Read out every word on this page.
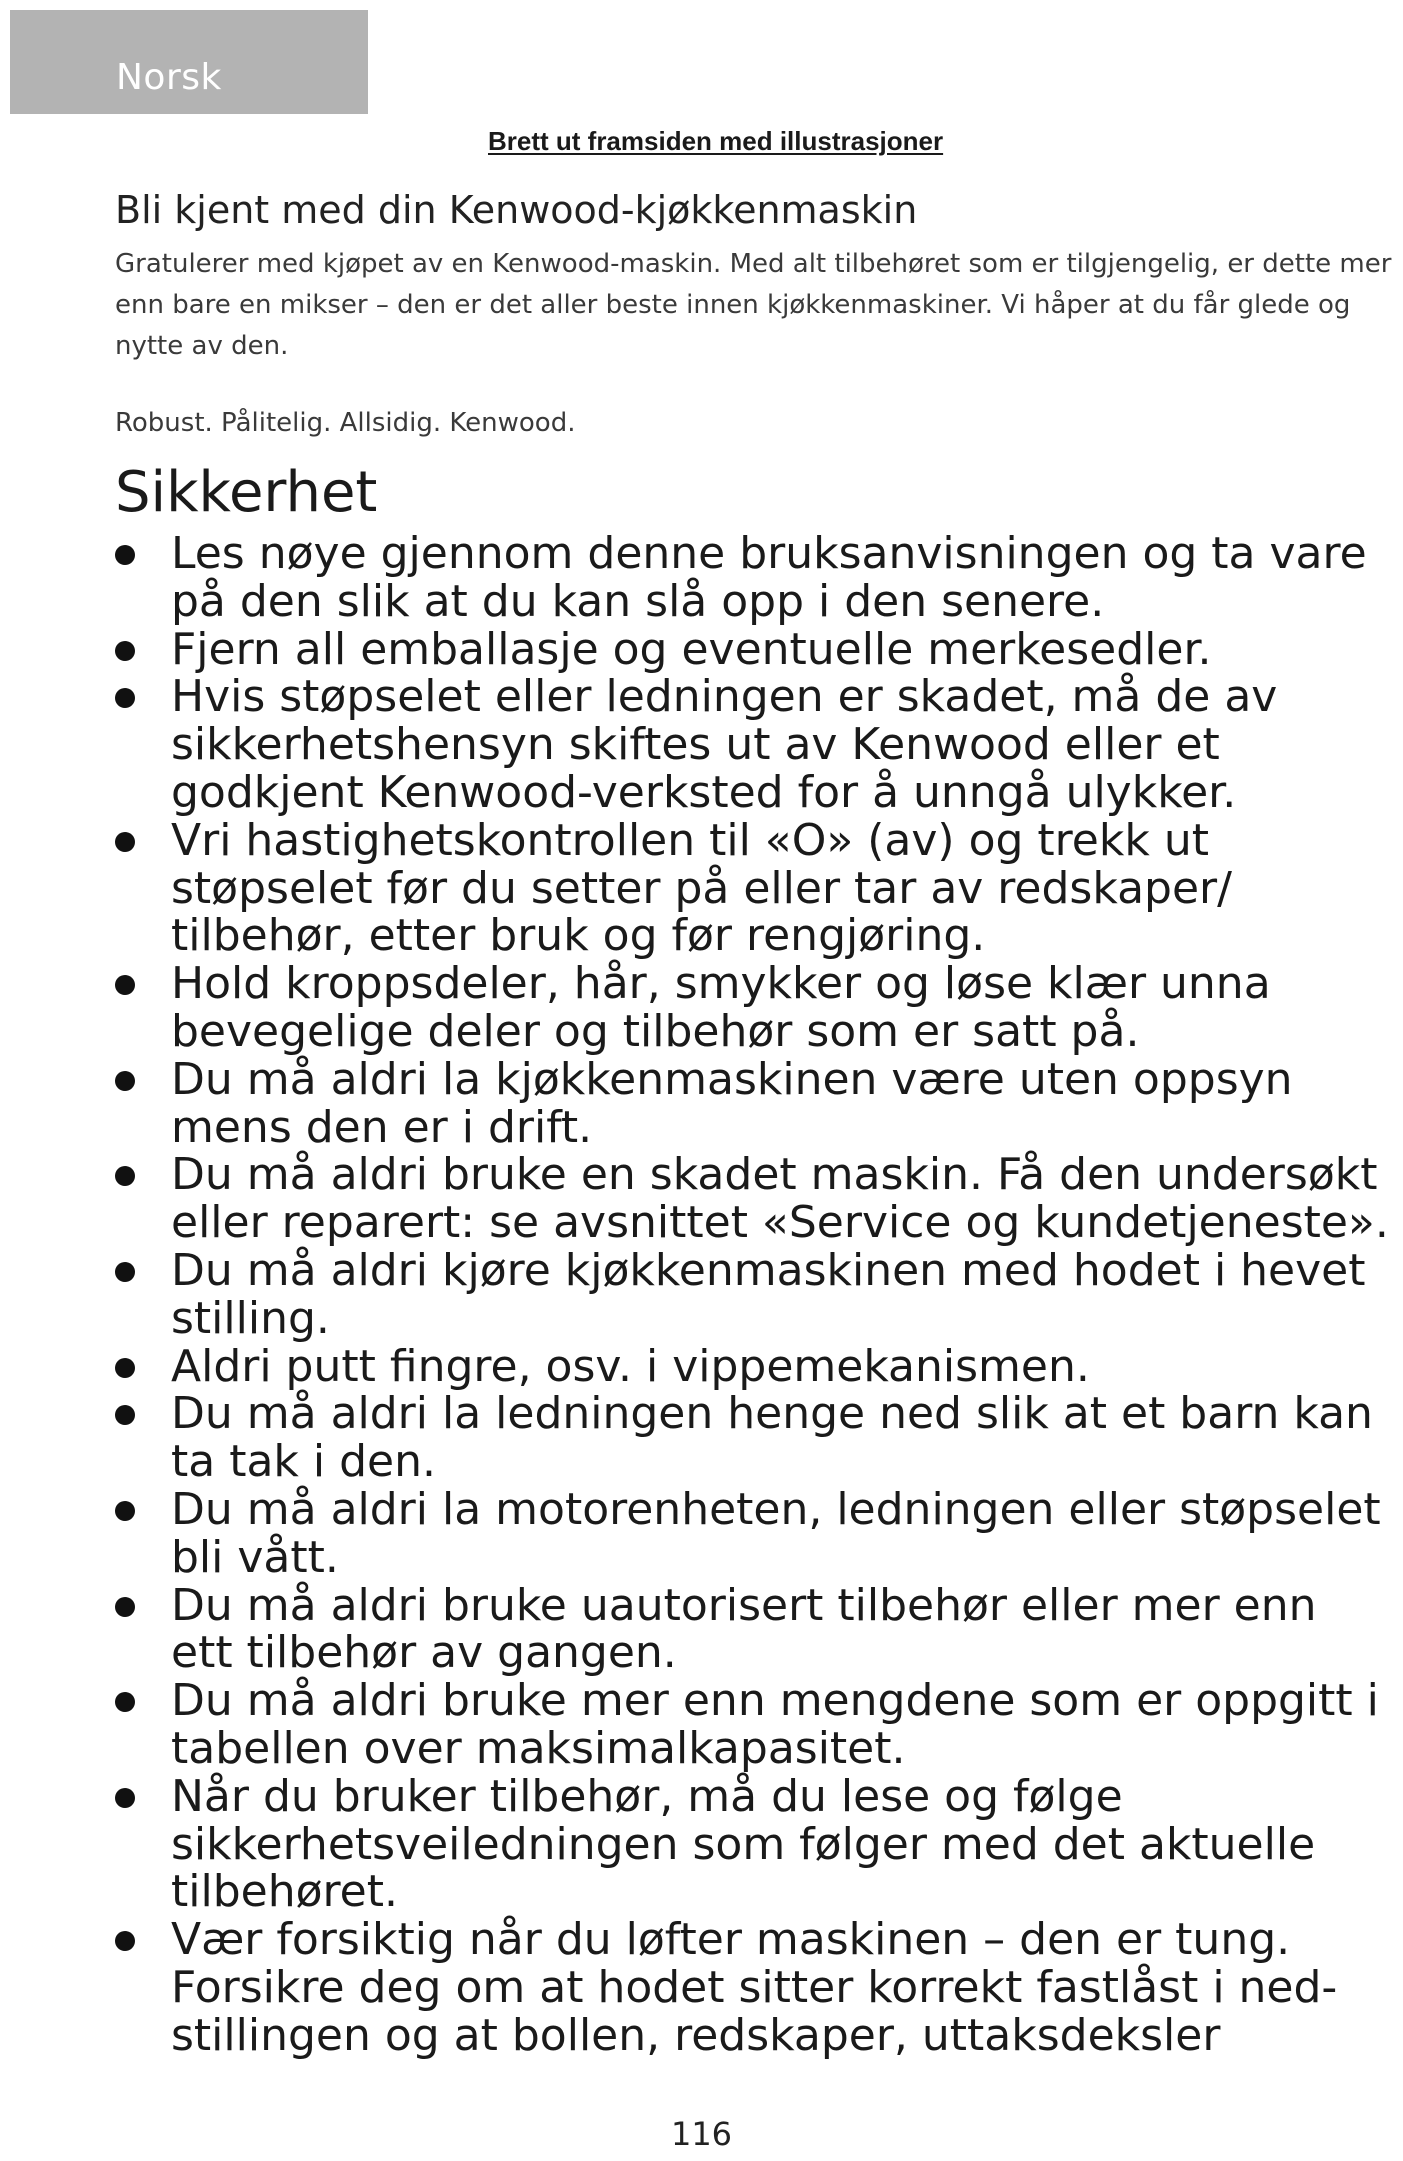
Norsk
Brett ut framsiden med illustrasjoner
Bli kjent med din Kenwood-kjøkkenmaskin

Gratulerer med kjøpet av en Kenwood-maskin. Med alt tilbehøret som er tilgjengelig, er dette mer enn bare en mikser – den er det aller beste innen kjøkkenmaskiner. Vi håper at du får glede og nytte av den.

Robust. Pålitelig. Allsidig. Kenwood.

Sikkerhet
Les nøye gjennom denne bruksanvisningen og ta vare på den slik at du kan slå opp i den senere.
Fjern all emballasje og eventuelle merkesedler.
Hvis støpselet eller ledningen er skadet, må de av sikkerhetshensyn skiftes ut av Kenwood eller et godkjent Kenwood-verksted for å unngå ulykker.
Vri hastighetskontrollen til «O» (av) og trekk ut støpselet før du setter på eller tar av redskaper/ tilbehør, etter bruk og før rengjøring.
Hold kroppsdeler, hår, smykker og løse klær unna bevegelige deler og tilbehør som er satt på.
Du må aldri la kjøkkenmaskinen være uten oppsyn mens den er i drift.
Du må aldri bruke en skadet maskin. Få den undersøkt eller reparert: se avsnittet «Service og kundetjeneste».
Du må aldri kjøre kjøkkenmaskinen med hodet i hevet stilling.
Aldri putt fingre, osv. i vippemekanismen.
Du må aldri la ledningen henge ned slik at et barn kan ta tak i den.
Du må aldri la motorenheten, ledningen eller støpselet bli vått.
Du må aldri bruke uautorisert tilbehør eller mer enn ett tilbehør av gangen.
Du må aldri bruke mer enn mengdene som er oppgitt i tabellen over maksimalkapasitet.
Når du bruker tilbehør, må du lese og følge sikkerhetsveiledningen som følger med det aktuelle tilbehøret.
Vær forsiktig når du løfter maskinen – den er tung. Forsikre deg om at hodet sitter korrekt fastlåst i ned-stillingen og at bollen, redskaper, uttaksdeksler
116
